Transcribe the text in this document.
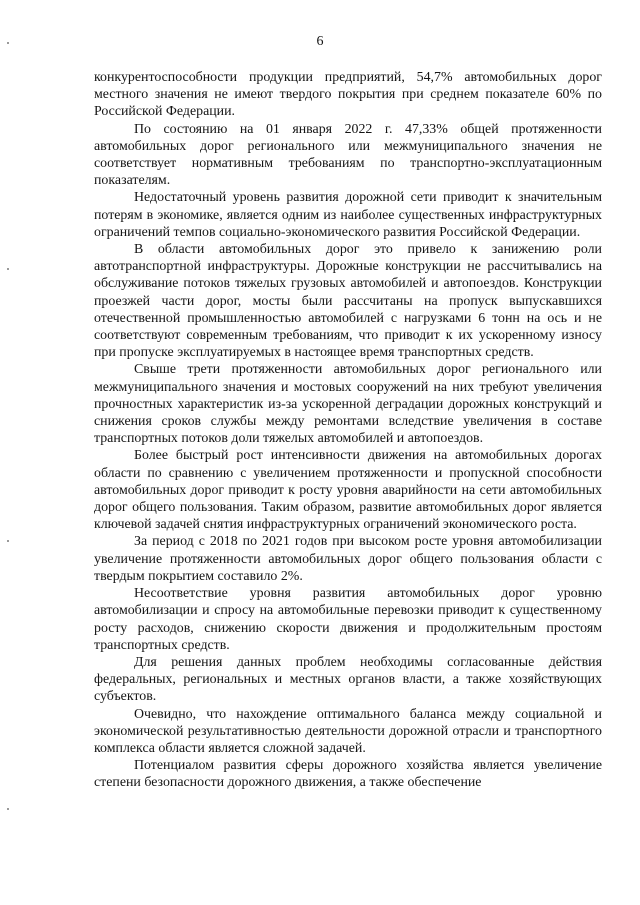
6

конкурентоспособности продукции предприятий, 54,7% автомобильных дорог местного значения не имеют твердого покрытия при среднем показателе 60% по Российской Федерации.

По состоянию на 01 января 2022 г. 47,33% общей протяженности автомобильных дорог регионального или межмуниципального значения не соответствует нормативным требованиям по транспортно-эксплуатационным показателям.

Недостаточный уровень развития дорожной сети приводит к значительным потерям в экономике, является одним из наиболее существенных инфраструктурных ограничений темпов социально-экономического развития Российской Федерации.

В области автомобильных дорог это привело к занижению роли автотранспортной инфраструктуры. Дорожные конструкции не рассчитывались на обслуживание потоков тяжелых грузовых автомобилей и автопоездов. Конструкции проезжей части дорог, мосты были рассчитаны на пропуск выпускавшихся отечественной промышленностью автомобилей с нагрузками 6 тонн на ось и не соответствуют современным требованиям, что приводит к их ускоренному износу при пропуске эксплуатируемых в настоящее время транспортных средств.

Свыше трети протяженности автомобильных дорог регионального или межмуниципального значения и мостовых сооружений на них требуют увеличения прочностных характеристик из-за ускоренной деградации дорожных конструкций и снижения сроков службы между ремонтами вследствие увеличения в составе транспортных потоков доли тяжелых автомобилей и автопоездов.

Более быстрый рост интенсивности движения на автомобильных дорогах области по сравнению с увеличением протяженности и пропускной способности автомобильных дорог приводит к росту уровня аварийности на сети автомобильных дорог общего пользования. Таким образом, развитие автомобильных дорог является ключевой задачей снятия инфраструктурных ограничений экономического роста.

За период с 2018 по 2021 годов при высоком росте уровня автомобилизации увеличение протяженности автомобильных дорог общего пользования области с твердым покрытием составило 2%.

Несоответствие уровня развития автомобильных дорог уровню автомобилизации и спросу на автомобильные перевозки приводит к существенному росту расходов, снижению скорости движения и продолжительным простоям транспортных средств.

Для решения данных проблем необходимы согласованные действия федеральных, региональных и местных органов власти, а также хозяйствующих субъектов.

Очевидно, что нахождение оптимального баланса между социальной и экономической результативностью деятельности дорожной отрасли и транспортного комплекса области является сложной задачей.

Потенциалом развития сферы дорожного хозяйства является увеличение степени безопасности дорожного движения, а также обеспечение
